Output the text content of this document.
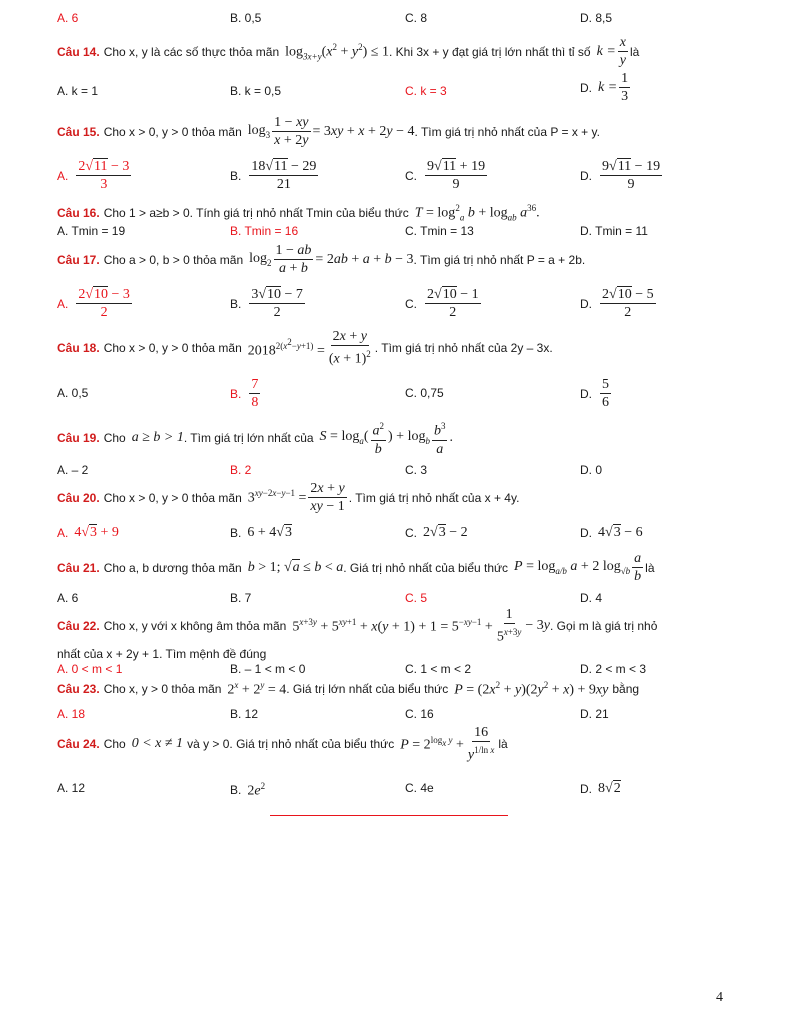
A. 6	B. 0,5	C. 8	D. 8,5
Câu 14. Cho x, y là các số thực thỏa mãn $\log_{3x+y}(x^2 + y^2) \le 1$ . Khi 3x + y đạt giá trị lớn nhất thì tỉ số $k = \frac{x}{y}$ là
A. k = 1	B. k = 0,5	C. k = 3	D. $k = \frac{1}{3}$
Câu 15. Cho x > 0, y > 0 thỏa mãn $\log_3 \frac{1 - xy}{x + 2y} = 3xy + x + 2y - 4$ . Tìm giá trị nhỏ nhất của P = x + y.
A. $\frac{2√11 - 3}{3}$	B. $\frac{18√11 - 29}{21}$	C. $\frac{9√11 + 19}{9}$	D. $\frac{9√11 - 19}{9}$
Câu 16. Cho 1 > a≥b > 0. Tính giá trị nhỏ nhất Tmin của biểu thức $T = \log^2_a b + \log_{ab} a^{36}$.
A. Tmin = 19	B. Tmin = 16	C. Tmin = 13	D. Tmin = 11
Câu 17. Cho a > 0, b > 0 thỏa mãn $\log_2 \frac{1 - ab}{a + b} = 2ab + a + b - 3$ . Tìm giá trị nhỏ nhất P = a + 2b.
A. $\frac{2√10 - 3}{2}$	B. $\frac{3√10 - 7}{2}$	C. $\frac{2√10 - 1}{2}$	D. $\frac{2√10 - 5}{2}$
Câu 18. Cho x > 0, y > 0 thỏa mãn $2018^{2(x^2-y+1)} = \frac{2x + y}{(x + 1)^2}$ . Tìm giá trị nhỏ nhất của 2y – 3x.
A. 0,5	B. $\frac{7}{8}$	C. 0,75	D. $\frac{5}{6}$
Câu 19. Cho a ≥ b > 1 . Tìm giá trị lớn nhất của $S = \log_a( \frac{a^2}{b}$ ) + $\log_b \frac{b^3}{a}$ .
A. – 2	B. 2	C. 3	D. 0
Câu 20. Cho x > 0, y > 0 thỏa mãn $3^{xy-2x-y-1} = \frac{2x + y}{xy - 1}$ . Tìm giá trị nhỏ nhất của x + 4y.
A. 4√3 + 9	B. 6 + 4√3	C. 2√3 − 2	D. 4√3 − 6
Câu 21. Cho a, b dương thỏa mãn b > 1; √a ≤ b < a . Giá trị nhỏ nhất của biểu thức $P = \log_{a/b} a + 2$ $\log_{√b} \frac{a}{b}$ là
A. 6	B. 7	C. 5	D. 4
Câu 22. Cho x, y với x không âm thỏa mãn $5^{x+3y} + 5^{xy+1} + x(y + 1) + 1 = 5^{-xy-1} + \frac{1}{5^{x+3y}} - 3y$ . Gọi m là giá trị nhỏ
nhất của x + 2y + 1. Tìm mệnh đề đúng
A. 0 < m < 1	B. – 1 < m < 0	C. 1 < m < 2	D. 2 < m < 3
Câu 23. Cho x, y > 0 thỏa mãn $2^x + 2^y = 4$ . Giá trị lớn nhất của biểu thức $P = (2x^2 + y)(2y^2 + x) + 9xy$ bằng
A. 18	B. 12	C. 16	D. 21
Câu 24. Cho 0 < x ≠ 1 và y > 0. Giá trị nhỏ nhất của biểu thức $P = 2^{log_x y} + \frac{16}{y^{1/ln x}}$ là
A. 12	B. $2e^2$	C. 4e	D. 8√2
4
